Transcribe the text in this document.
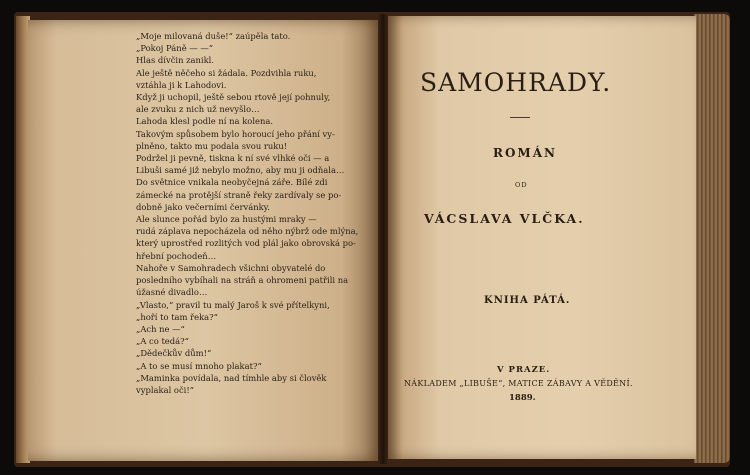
„Moje milovaná duše!“ zaúpěla tato.
„Pokoj Páně — —“
Hlas dívčin zanikl.
Ale ještě něčeho si žádala. Pozdvihla ruku,
vztáhla ji k Lahodovi.
Když ji uchopil, ještě sebou rtově její pohnuly,
ale zvuku z nich už nevyšlo…
Lahoda klesl podle ní na kolena.
Takovým spůsobem bylo horoucí jeho přání vy-
plněno, takto mu podala svou ruku!
Podržel ji pevně, tiskna k ní své vlhké oči — a
Libuši samé již nebylo možno, aby mu ji odňala…
Do světnice vnikala neobyčejná záře. Bílé zdi
zámecké na protější straně řeky zardívaly se po-
dobně jako večerními červánky.
Ale slunce pořád bylo za hustými mraky —
rudá záplava nepocházela od něho nýbrž ode mlýna,
který uprostřed rozlitých vod plál jako obrovská po-
hřební pochodeň…
Nahoře v Samohradech všichni obyvatelé do
posledního vybíhali na stráň a ohromeni patřili na
úžasné divadlo…
„Vlasto,“ pravil tu malý Jaroš k své přítelkyni,
„hoří to tam řeka?“
„Ach ne —“
„A co tedá?“
„Dědečkův dům!“
„A to se musí mnoho plakat?“
„Maminka povídala, nad tímhle aby si člověk
vyplakal oči!“
SAMOHRADY.
ROMÁN
OD
VÁCSLAVA VLČKA.
KNIHA PÁTÁ.
V PRAZE.
NÁKLADEM „LIBUŠE“, MATICE ZÁBAVY A VĚDĚNÍ.
1889.
